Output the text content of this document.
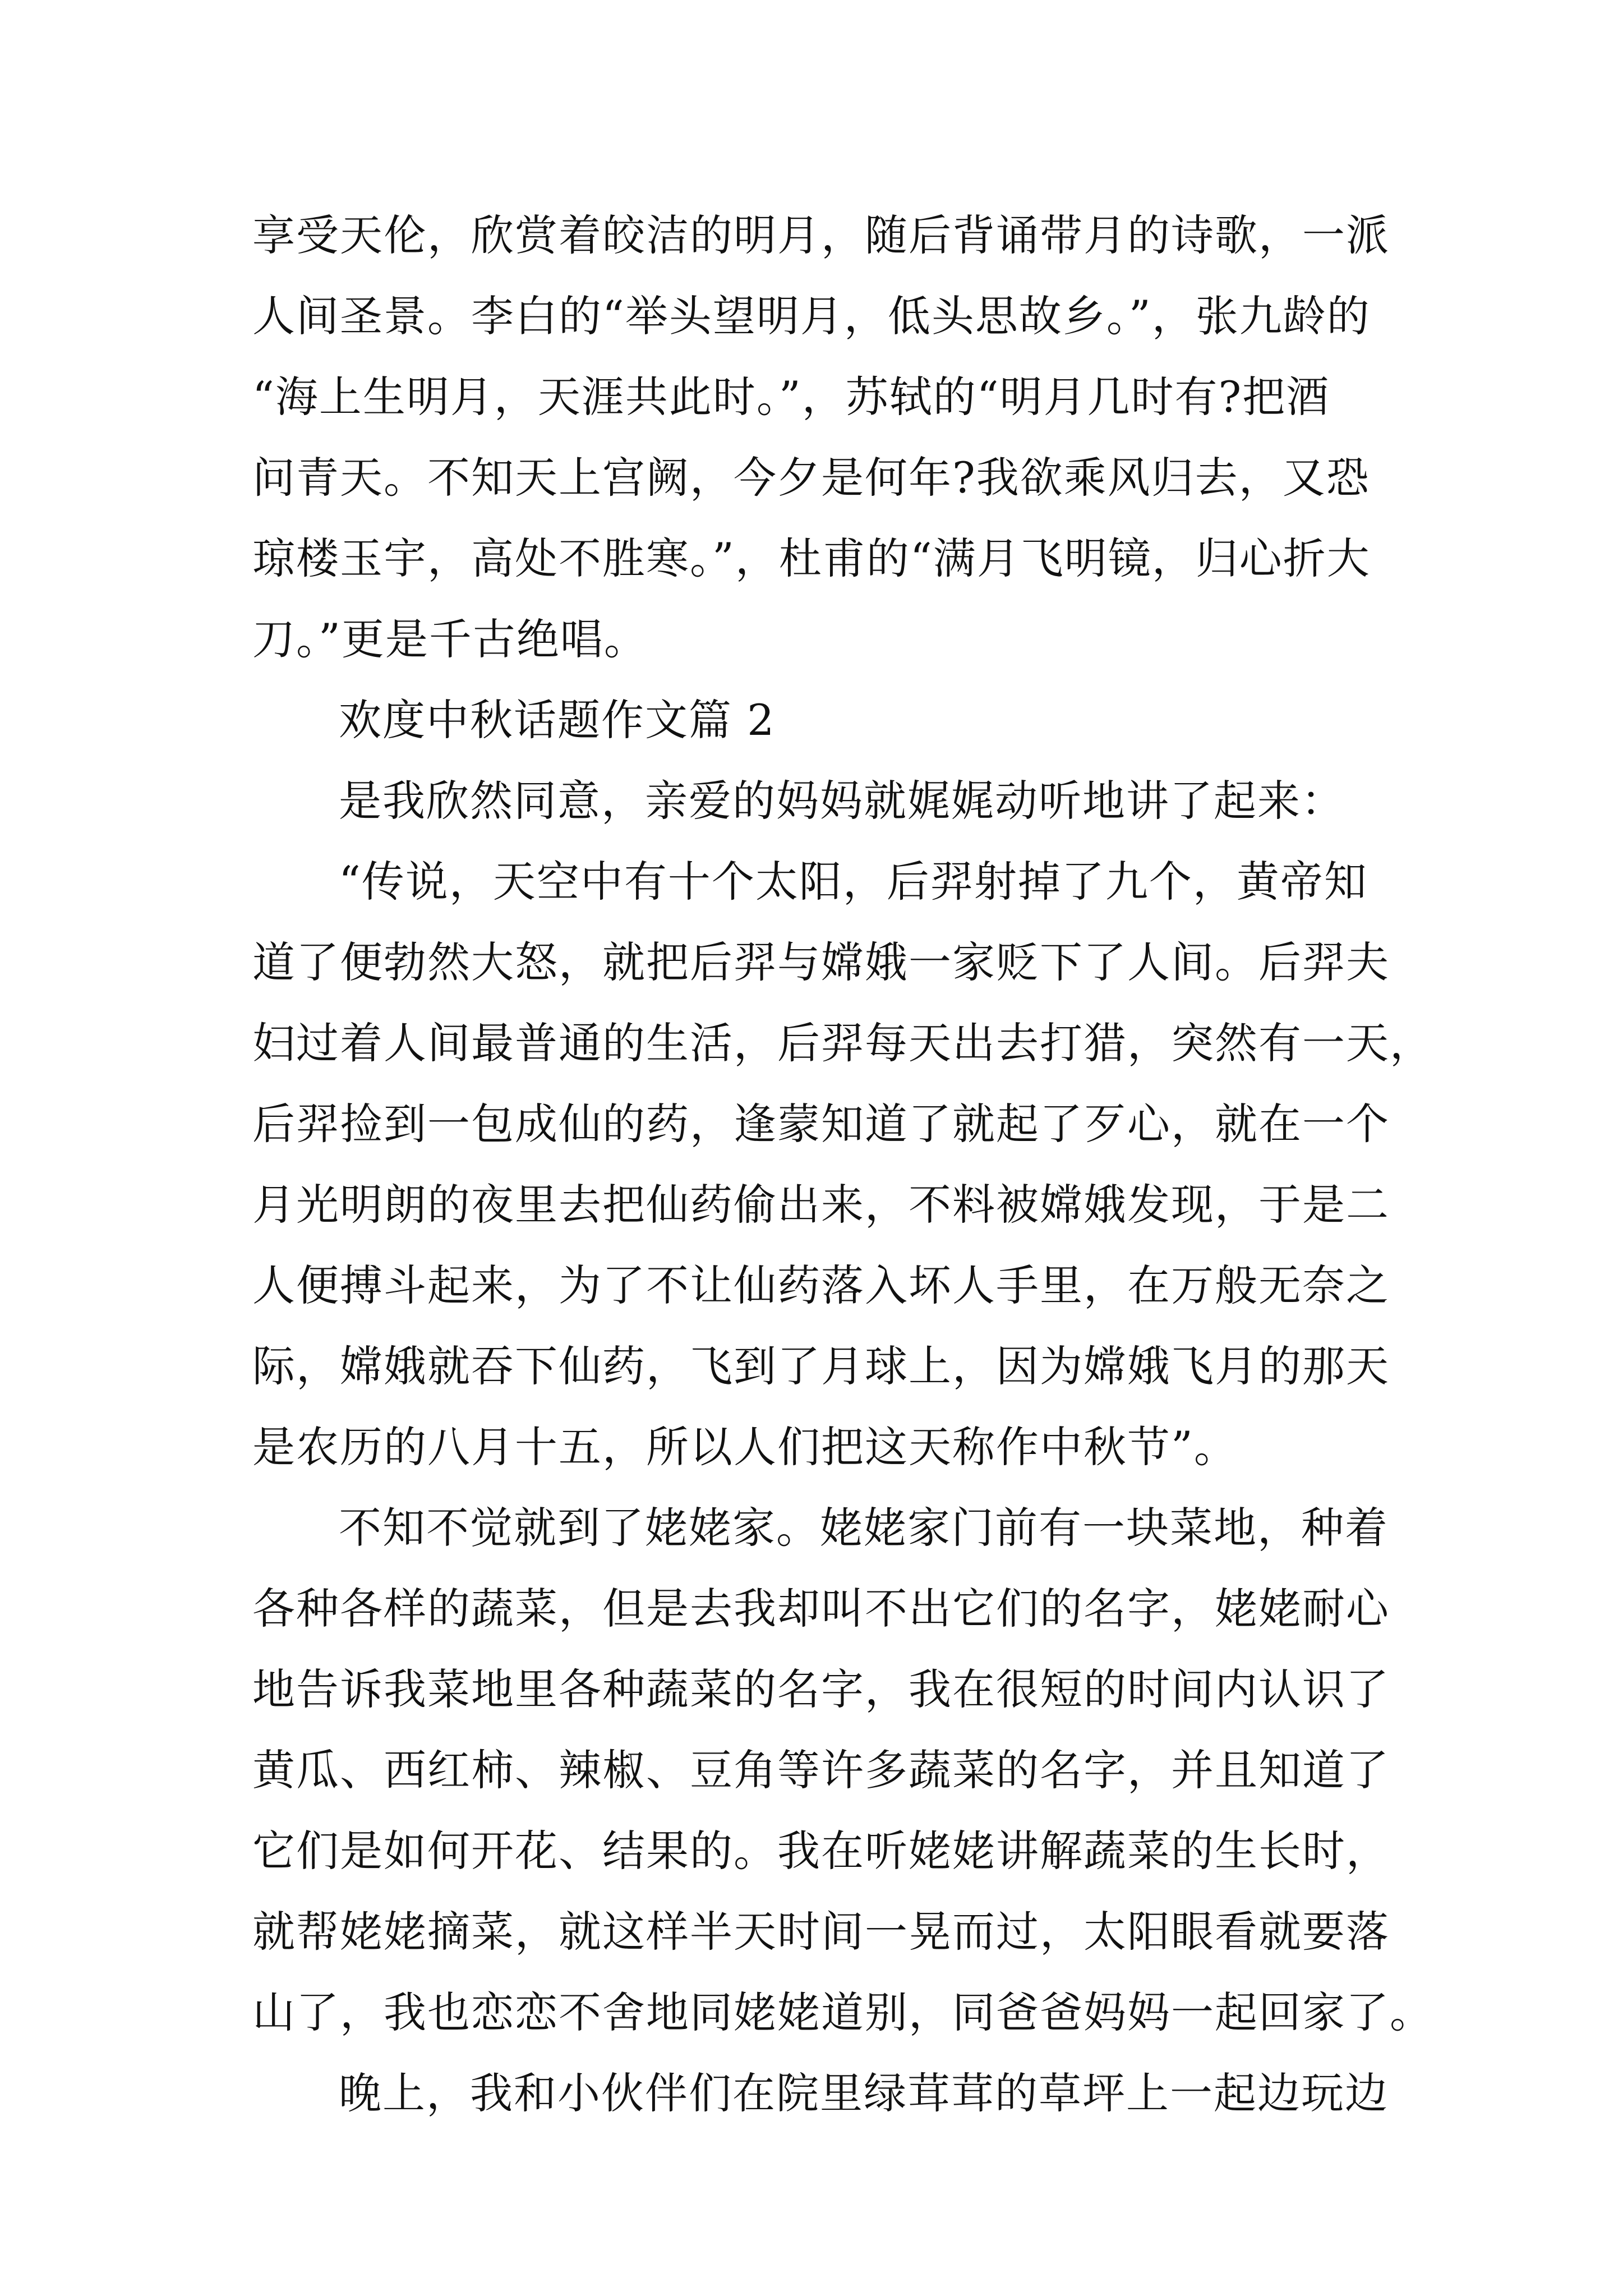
享受天伦，欣赏着皎洁的明月，随后背诵带月的诗歌，一派
人间圣景。李白的“举头望明月，低头思故乡。”，张九龄的
“海上生明月，天涯共此时。”，苏轼的“明月几时有?把酒
问青天。不知天上宫阙，今夕是何年?我欲乘风归去，又恐
琼楼玉宇，高处不胜寒。”，杜甫的“满月飞明镜，归心折大
刀。”更是千古绝唱。
欢度中秋话题作文篇 2
是我欣然同意，亲爱的妈妈就娓娓动听地讲了起来：
“传说，天空中有十个太阳，后羿射掉了九个，黄帝知
道了便勃然大怒，就把后羿与嫦娥一家贬下了人间。后羿夫
妇过着人间最普通的生活，后羿每天出去打猎，突然有一天，
后羿捡到一包成仙的药，逢蒙知道了就起了歹心，就在一个
月光明朗的夜里去把仙药偷出来，不料被嫦娥发现，于是二
人便搏斗起来，为了不让仙药落入坏人手里，在万般无奈之
际，嫦娥就吞下仙药，飞到了月球上，因为嫦娥飞月的那天
是农历的八月十五，所以人们把这天称作中秋节”。
不知不觉就到了姥姥家。姥姥家门前有一块菜地，种着
各种各样的蔬菜，但是去我却叫不出它们的名字，姥姥耐心
地告诉我菜地里各种蔬菜的名字，我在很短的时间内认识了
黄瓜、西红柿、辣椒、豆角等许多蔬菜的名字，并且知道了
它们是如何开花、结果的。我在听姥姥讲解蔬菜的生长时，
就帮姥姥摘菜，就这样半天时间一晃而过，太阳眼看就要落
山了，我也恋恋不舍地同姥姥道别，同爸爸妈妈一起回家了。
晚上，我和小伙伴们在院里绿茸茸的草坪上一起边玩边
